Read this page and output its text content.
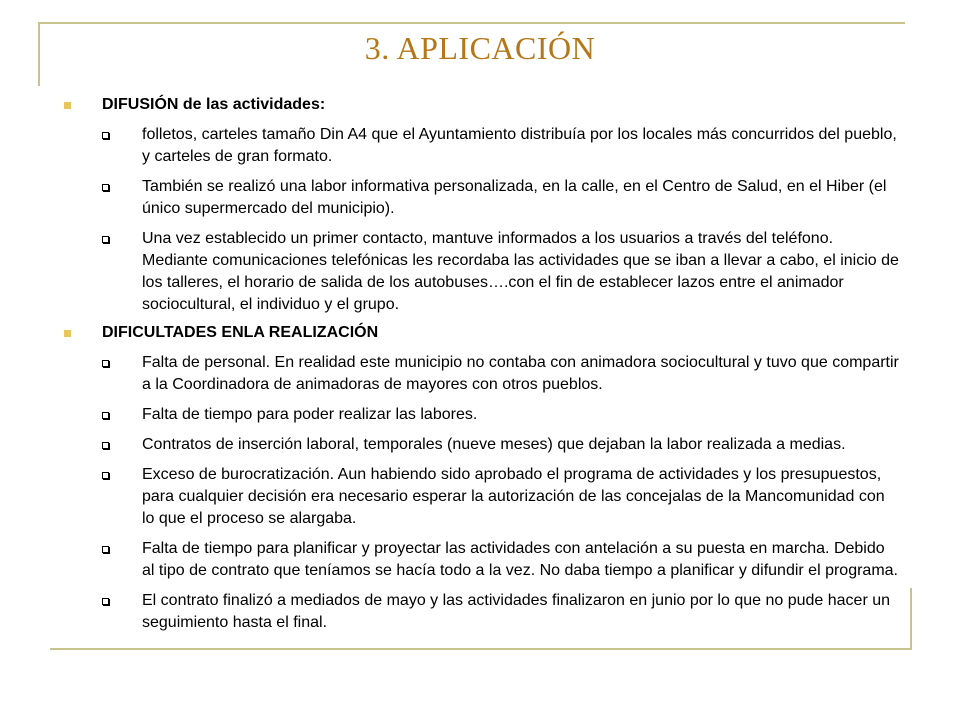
3. APLICACIÓN
DIFUSIÓN de las actividades:
folletos, carteles tamaño Din A4 que el Ayuntamiento distribuía por los locales más concurridos del pueblo, y carteles de gran formato.
También se realizó una labor informativa personalizada, en la calle, en el Centro de Salud, en el Hiber (el único supermercado del municipio).
Una vez establecido un primer contacto, mantuve informados a los usuarios a través del teléfono. Mediante comunicaciones telefónicas les recordaba las actividades que se iban a llevar a cabo, el inicio de los talleres, el horario de salida de los autobuses….con el fin de establecer lazos entre el animador sociocultural, el individuo y el grupo.
DIFICULTADES ENLA REALIZACIÓN
Falta de personal. En realidad este municipio no contaba con animadora sociocultural y tuvo que compartir a la Coordinadora de animadoras de mayores con otros pueblos.
Falta de tiempo para poder realizar las labores.
Contratos de inserción laboral, temporales (nueve meses) que dejaban la labor realizada a medias.
Exceso de burocratización. Aun habiendo sido aprobado el programa de actividades y los presupuestos, para cualquier decisión era necesario esperar la autorización de las concejalas de la Mancomunidad con lo que el proceso se alargaba.
Falta de tiempo para planificar y proyectar las actividades con antelación a su puesta en marcha. Debido al tipo de contrato que teníamos se hacía todo a la vez. No daba tiempo a planificar y difundir el programa.
El contrato finalizó a mediados de mayo y las actividades finalizaron en junio por lo que no pude hacer un seguimiento hasta el final.
